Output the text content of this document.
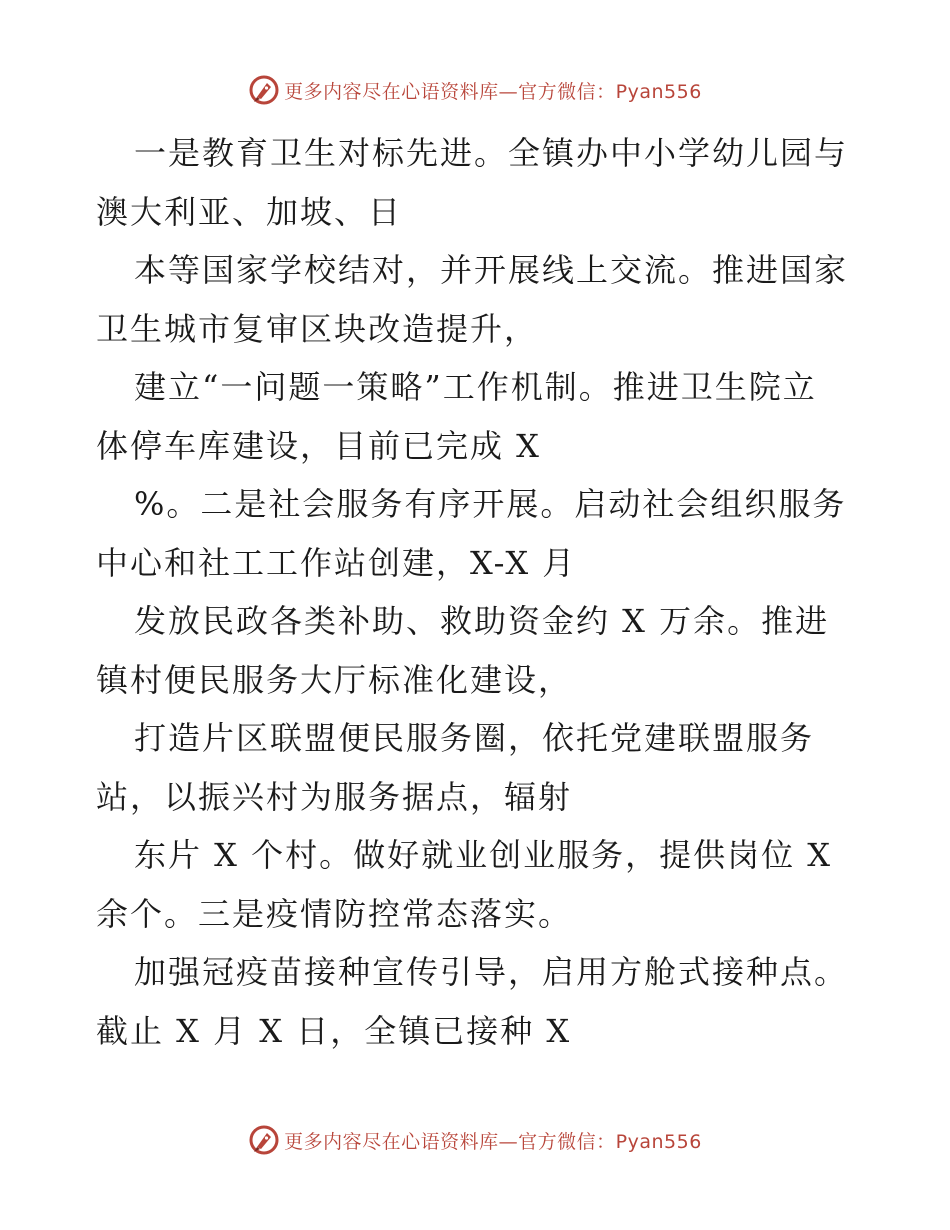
更多内容尽在心语资料库—官方微信：Pyan556
一是教育卫生对标先进。全镇办中小学幼儿园与
澳大利亚、加坡、日
本等国家学校结对，并开展线上交流。推进国家
卫生城市复审区块改造提升，
建立“一问题一策略”工作机制。推进卫生院立
体停车库建设，目前已完成 X
%。二是社会服务有序开展。启动社会组织服务
中心和社工工作站创建，X-X 月
发放民政各类补助、救助资金约 X 万余。推进
镇村便民服务大厅标准化建设，
打造片区联盟便民服务圈，依托党建联盟服务
站，以振兴村为服务据点，辐射
东片 X 个村。做好就业创业服务，提供岗位 X
余个。三是疫情防控常态落实。
加强冠疫苗接种宣传引导，启用方舱式接种点。
截止 X 月 X 日，全镇已接种 X
更多内容尽在心语资料库—官方微信：Pyan556
